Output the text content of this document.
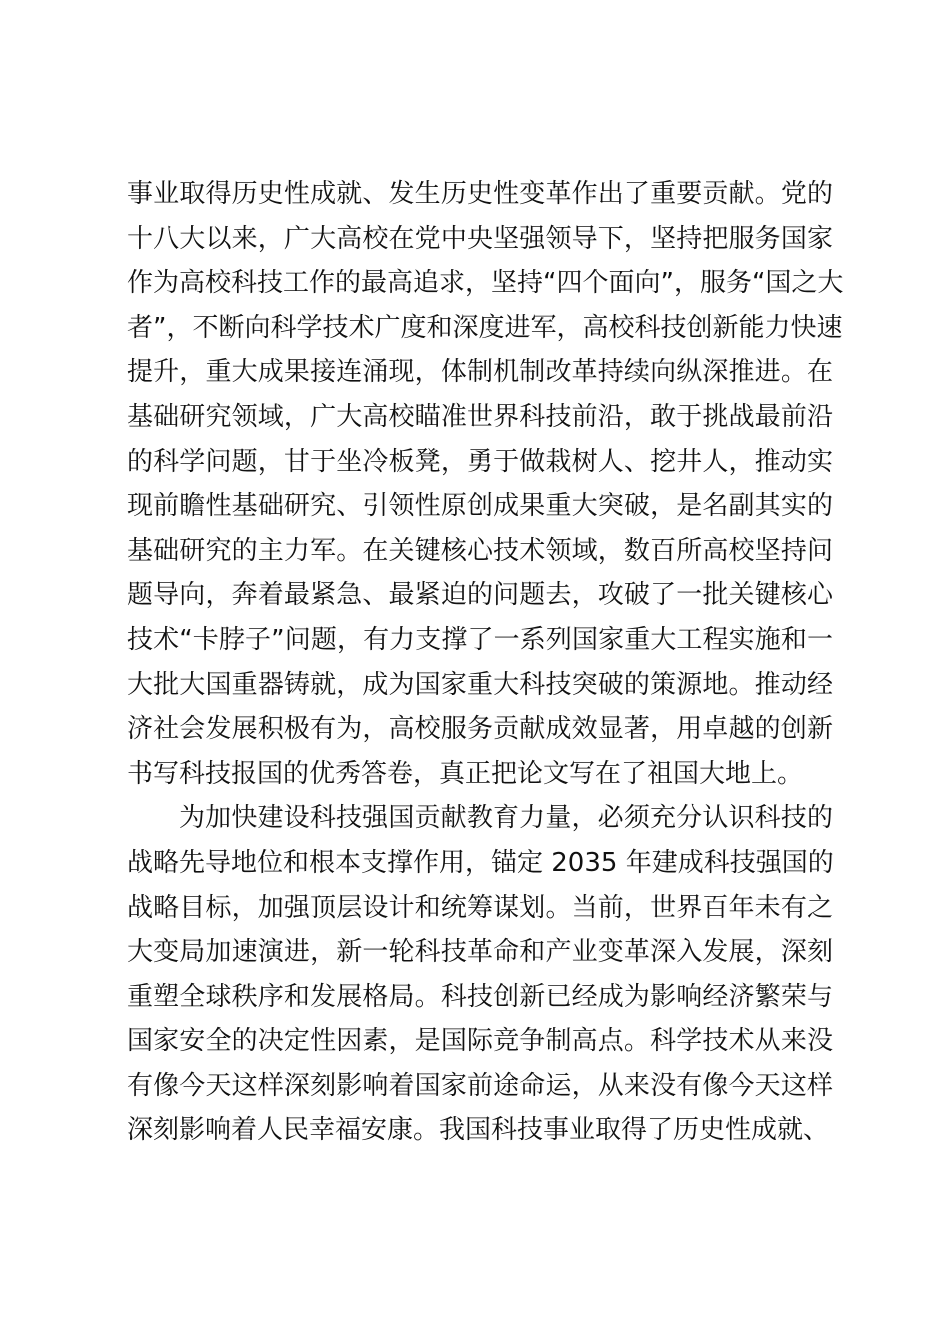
事业取得历史性成就、发生历史性变革作出了重要贡献。党的
十八大以来，广大高校在党中央坚强领导下，坚持把服务国家
作为高校科技工作的最高追求，坚持“四个面向”，服务“国之大
者”，不断向科学技术广度和深度进军，高校科技创新能力快速
提升，重大成果接连涌现，体制机制改革持续向纵深推进。在
基础研究领域，广大高校瞄准世界科技前沿，敢于挑战最前沿
的科学问题，甘于坐冷板凳，勇于做栽树人、挖井人，推动实
现前瞻性基础研究、引领性原创成果重大突破，是名副其实的
基础研究的主力军。在关键核心技术领域，数百所高校坚持问
题导向，奔着最紧急、最紧迫的问题去，攻破了一批关键核心
技术“卡脖子”问题，有力支撑了一系列国家重大工程实施和一
大批大国重器铸就，成为国家重大科技突破的策源地。推动经
济社会发展积极有为，高校服务贡献成效显著，用卓越的创新
书写科技报国的优秀答卷，真正把论文写在了祖国大地上。
为加快建设科技强国贡献教育力量，必须充分认识科技的
战略先导地位和根本支撑作用，锚定 2035 年建成科技强国的
战略目标，加强顶层设计和统筹谋划。当前，世界百年未有之
大变局加速演进，新一轮科技革命和产业变革深入发展，深刻
重塑全球秩序和发展格局。科技创新已经成为影响经济繁荣与
国家安全的决定性因素，是国际竞争制高点。科学技术从来没
有像今天这样深刻影响着国家前途命运，从来没有像今天这样
深刻影响着人民幸福安康。我国科技事业取得了历史性成就、
